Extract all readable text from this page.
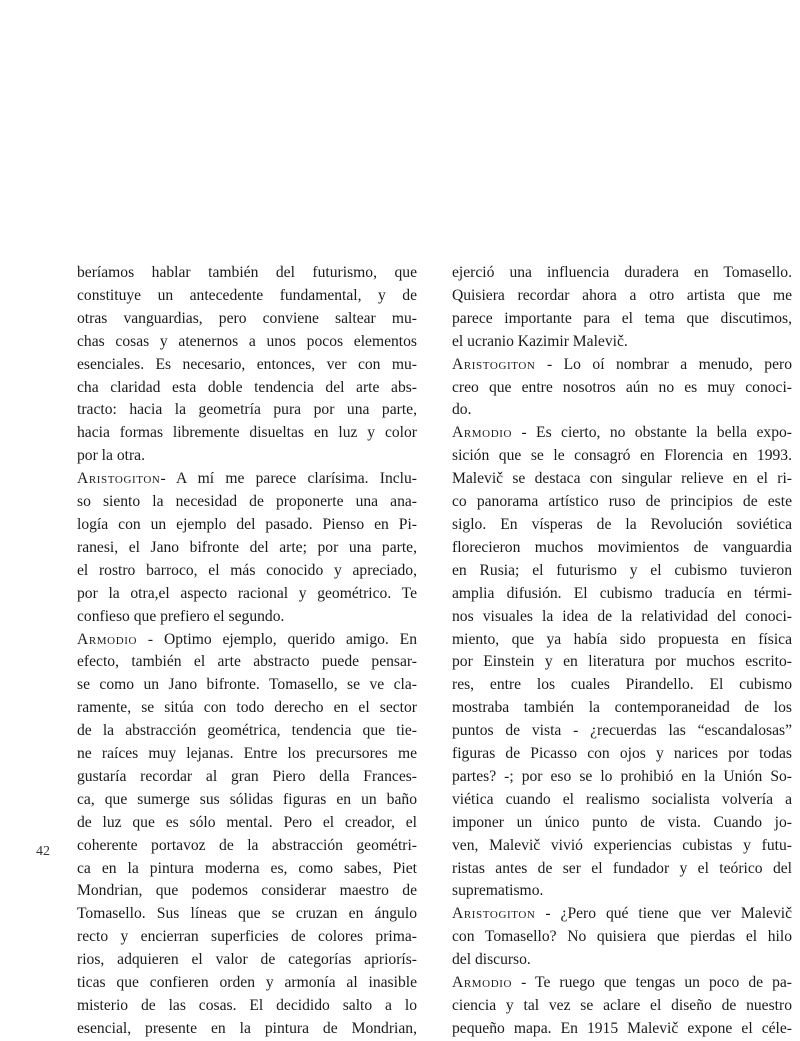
beríamos hablar también del futurismo, que
constituye un antecedente fundamental, y de
otras vanguardias, pero conviene saltear mu-
chas cosas y atenernos a unos pocos elementos
esenciales. Es necesario, entonces, ver con mu-
cha claridad esta doble tendencia del arte abs-
tracto: hacia la geometría pura por una parte,
hacia formas libremente disueltas en luz y color
por la otra.
Aristogiton- A mí me parece clarísima. Inclu-
so siento la necesidad de proponerte una ana-
logía con un ejemplo del pasado. Pienso en Pi-
ranesi, el Jano bifronte del arte; por una parte,
el rostro barroco, el más conocido y apreciado,
por la otra,el aspecto racional y geométrico. Te
confieso que prefiero el segundo.
Armodio - Optimo ejemplo, querido amigo. En
efecto, también el arte abstracto puede pensar-
se como un Jano bifronte. Tomasello, se ve cla-
ramente, se sitúa con todo derecho en el sector
de la abstracción geométrica, tendencia que tie-
ne raíces muy lejanas. Entre los precursores me
gustaría recordar al gran Piero della Frances-
ca, que sumerge sus sólidas figuras en un baño
de luz que es sólo mental. Pero el creador, el
coherente portavoz de la abstracción geométri-
ca en la pintura moderna es, como sabes, Piet
Mondrian, que podemos considerar maestro de
Tomasello. Sus líneas que se cruzan en ángulo
recto y encierran superficies de colores prima-
rios, adquieren el valor de categorías apriorís-
ticas que confieren orden y armonía al inasible
misterio de las cosas. El decidido salto a lo
esencial, presente en la pintura de Mondrian,
ejerció una influencia duradera en Tomasello.
Quisiera recordar ahora a otro artista que me
parece importante para el tema que discutimos,
el ucranio Kazimir Malevič.
Aristogiton - Lo oí nombrar a menudo, pero
creo que entre nosotros aún no es muy conoci-
do.
Armodio - Es cierto, no obstante la bella expo-
sición que se le consagró en Florencia en 1993.
Malevič se destaca con singular relieve en el ri-
co panorama artístico ruso de principios de este
siglo. En vísperas de la Revolución soviética
florecieron muchos movimientos de vanguardia
en Rusia; el futurismo y el cubismo tuvieron
amplia difusión. El cubismo traducía en térmi-
nos visuales la idea de la relatividad del conoci-
miento, que ya había sido propuesta en física
por Einstein y en literatura por muchos escrito-
res, entre los cuales Pirandello. El cubismo
mostraba también la contemporaneidad de los
puntos de vista - ¿recuerdas las “escandalosas”
figuras de Picasso con ojos y narices por todas
partes? -; por eso se lo prohibió en la Unión So-
viética cuando el realismo socialista volvería a
imponer un único punto de vista. Cuando jo-
ven, Malevič vivió experiencias cubistas y futu-
ristas antes de ser el fundador y el teórico del
suprematismo.
Aristogiton - ¿Pero qué tiene que ver Malevič
con Tomasello? No quisiera que pierdas el hilo
del discurso.
Armodio - Te ruego que tengas un poco de pa-
ciencia y tal vez se aclare el diseño de nuestro
pequeño mapa. En 1915 Malevič expone el céle-
42
